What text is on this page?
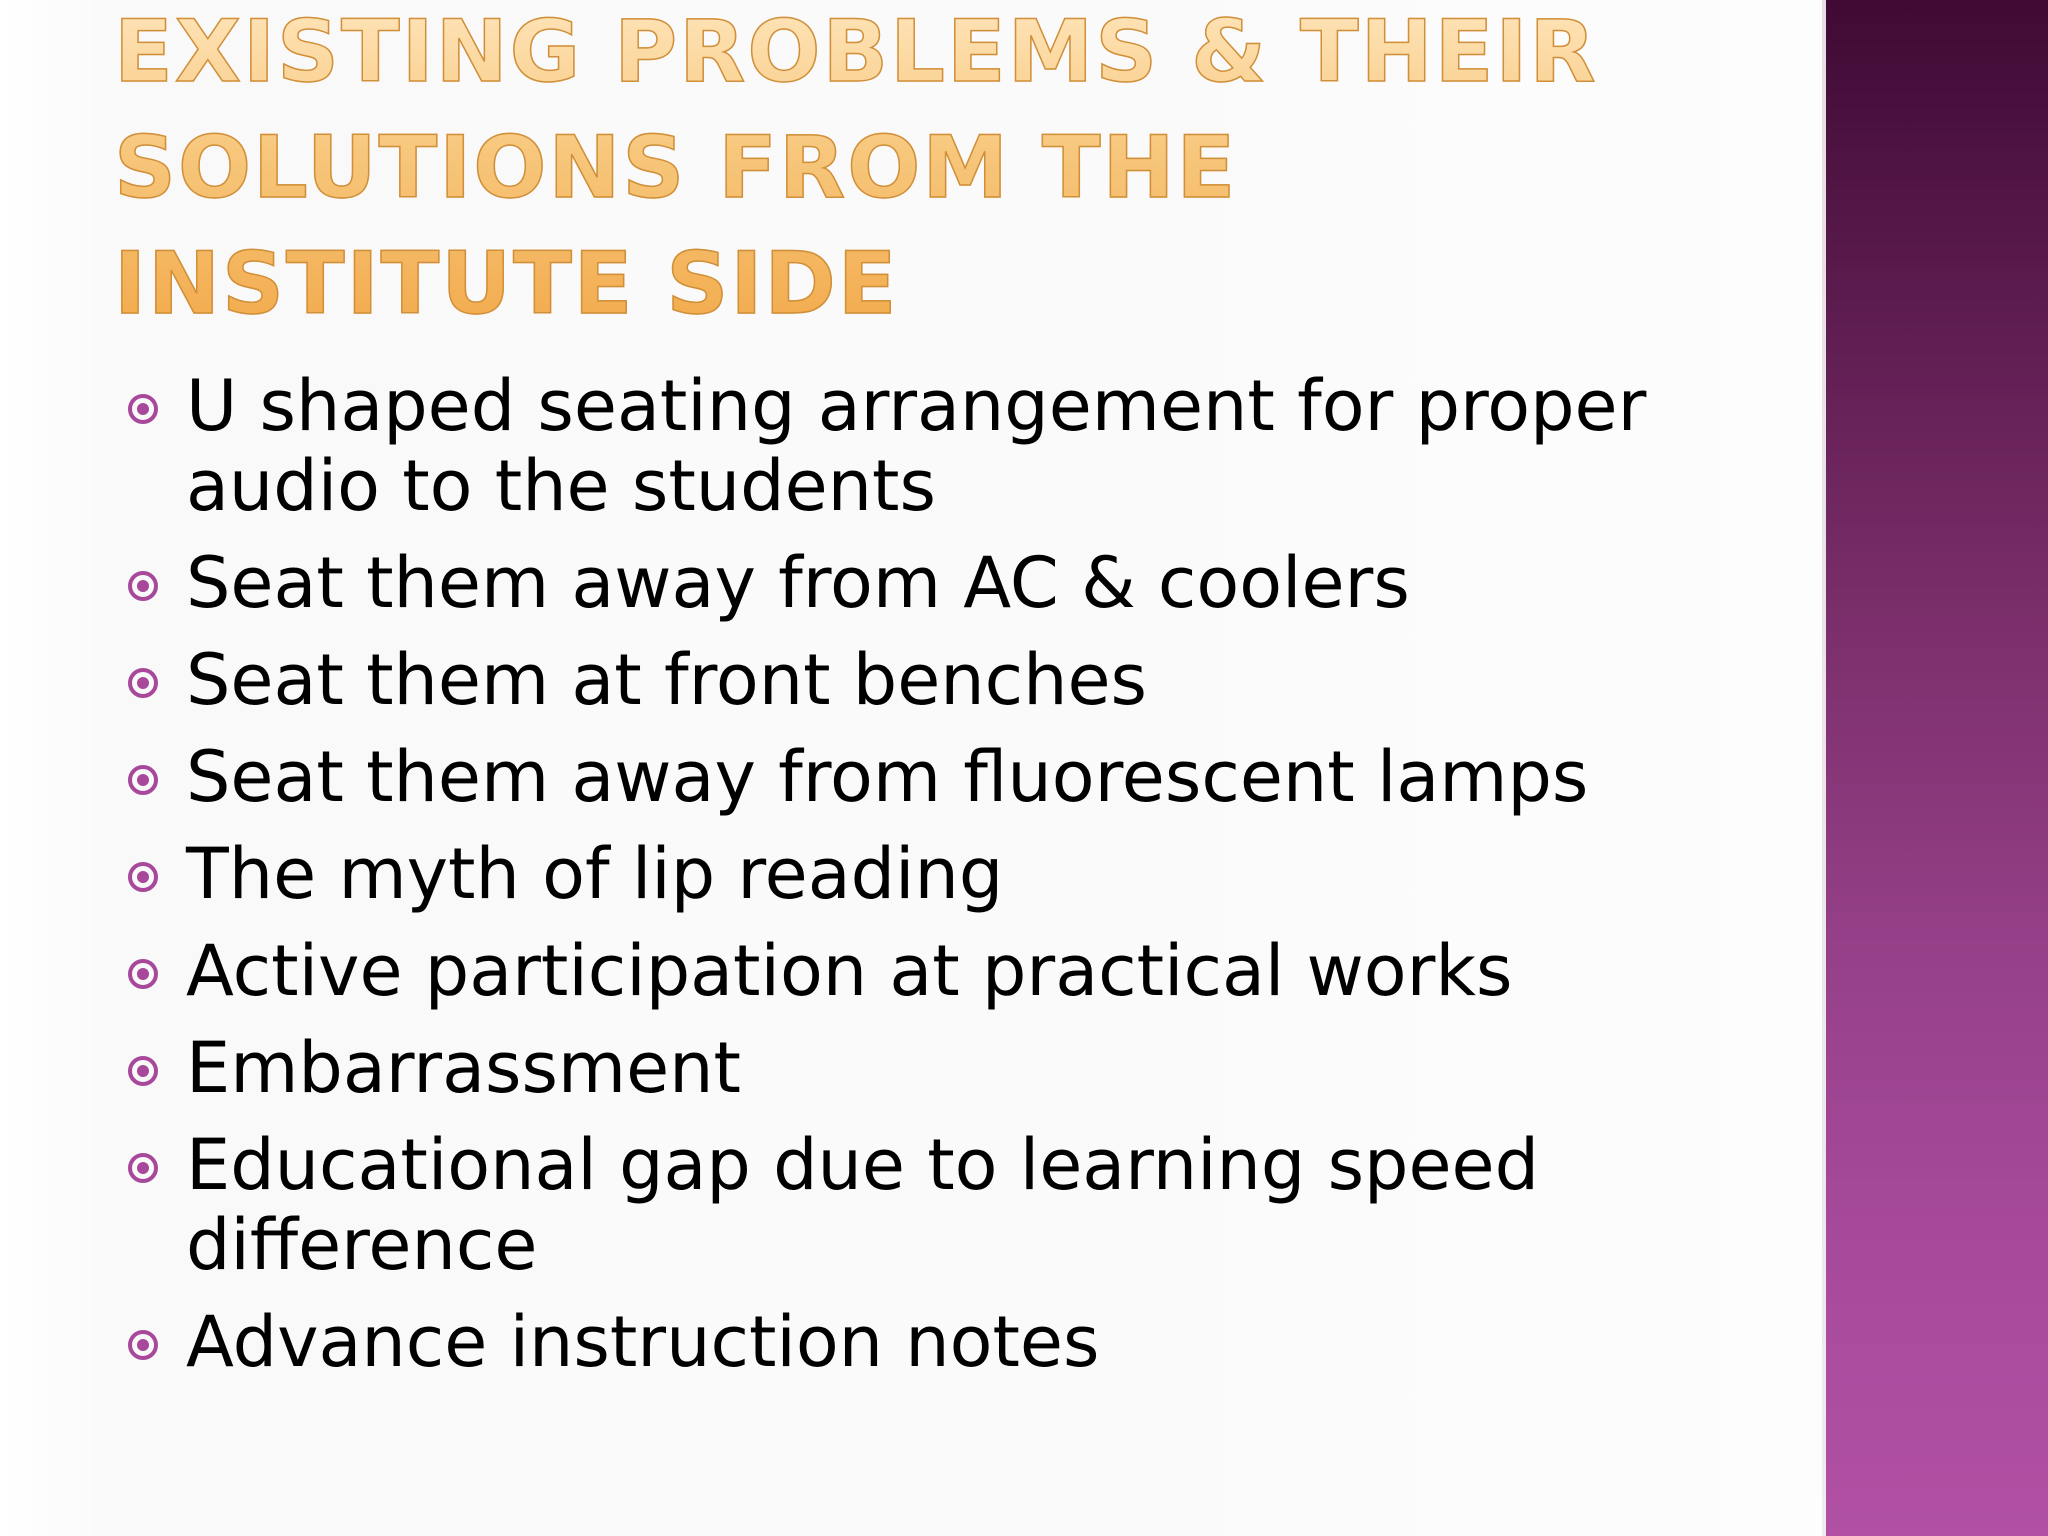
EXISTING PROBLEMS & THEIR SOLUTIONS FROM THE INSTITUTE SIDE
U shaped seating arrangement for proper audio to the students
Seat them away from AC & coolers
Seat them at front benches
Seat them away from fluorescent lamps
The myth of lip reading
Active participation at practical works
Embarrassment
Educational gap due to learning speed difference
Advance instruction notes
